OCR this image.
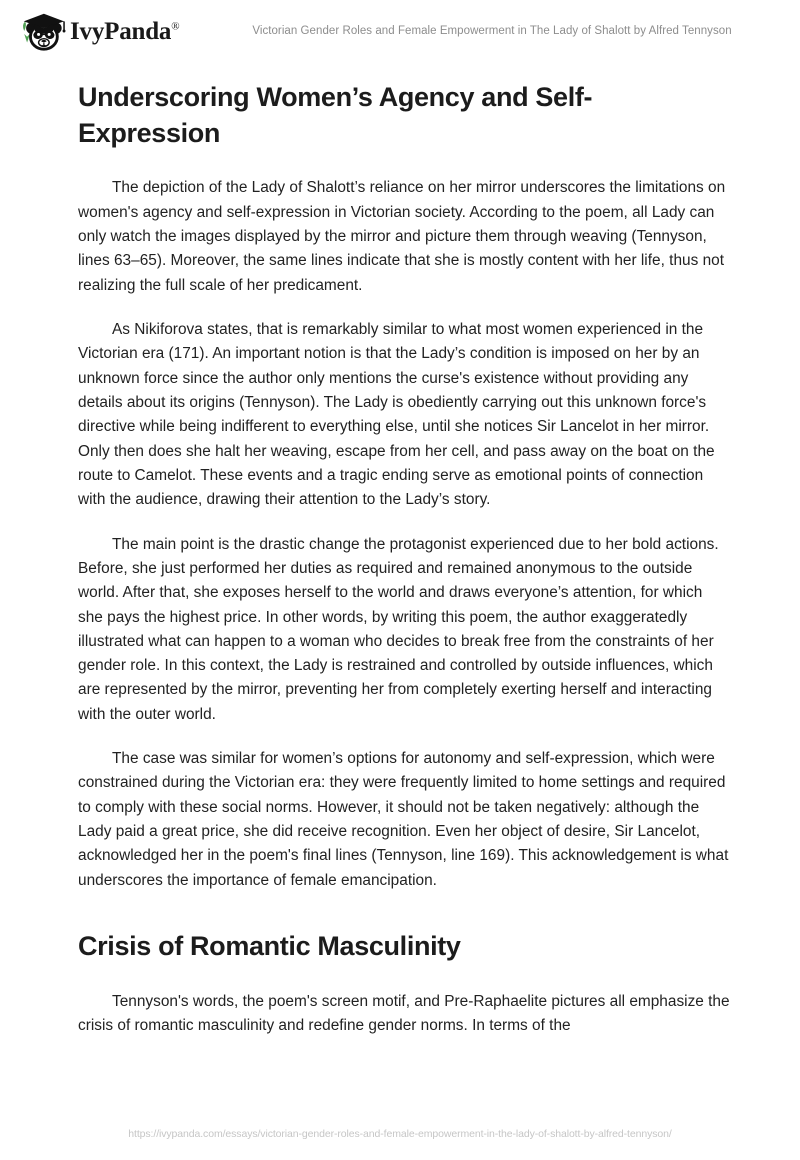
IvyPanda®	Victorian Gender Roles and Female Empowerment in The Lady of Shalott by Alfred Tennyson
Underscoring Women’s Agency and Self-Expression

The depiction of the Lady of Shalott’s reliance on her mirror underscores the limitations on women's agency and self-expression in Victorian society. According to the poem, all Lady can only watch the images displayed by the mirror and picture them through weaving (Tennyson, lines 63–65). Moreover, the same lines indicate that she is mostly content with her life, thus not realizing the full scale of her predicament.

As Nikiforova states, that is remarkably similar to what most women experienced in the Victorian era (171). An important notion is that the Lady’s condition is imposed on her by an unknown force since the author only mentions the curse's existence without providing any details about its origins (Tennyson). The Lady is obediently carrying out this unknown force's directive while being indifferent to everything else, until she notices Sir Lancelot in her mirror. Only then does she halt her weaving, escape from her cell, and pass away on the boat on the route to Camelot. These events and a tragic ending serve as emotional points of connection with the audience, drawing their attention to the Lady’s story.

The main point is the drastic change the protagonist experienced due to her bold actions. Before, she just performed her duties as required and remained anonymous to the outside world. After that, she exposes herself to the world and draws everyone’s attention, for which she pays the highest price. In other words, by writing this poem, the author exaggeratedly illustrated what can happen to a woman who decides to break free from the constraints of her gender role. In this context, the Lady is restrained and controlled by outside influences, which are represented by the mirror, preventing her from completely exerting herself and interacting with the outer world.

The case was similar for women’s options for autonomy and self-expression, which were constrained during the Victorian era: they were frequently limited to home settings and required to comply with these social norms. However, it should not be taken negatively: although the Lady paid a great price, she did receive recognition. Even her object of desire, Sir Lancelot, acknowledged her in the poem's final lines (Tennyson, line 169). This acknowledgement is what underscores the importance of female emancipation.

Crisis of Romantic Masculinity

Tennyson's words, the poem's screen motif, and Pre-Raphaelite pictures all emphasize the crisis of romantic masculinity and redefine gender norms. In terms of the

https://ivypanda.com/essays/victorian-gender-roles-and-female-empowerment-in-the-lady-of-shalott-by-alfred-tennyson/
